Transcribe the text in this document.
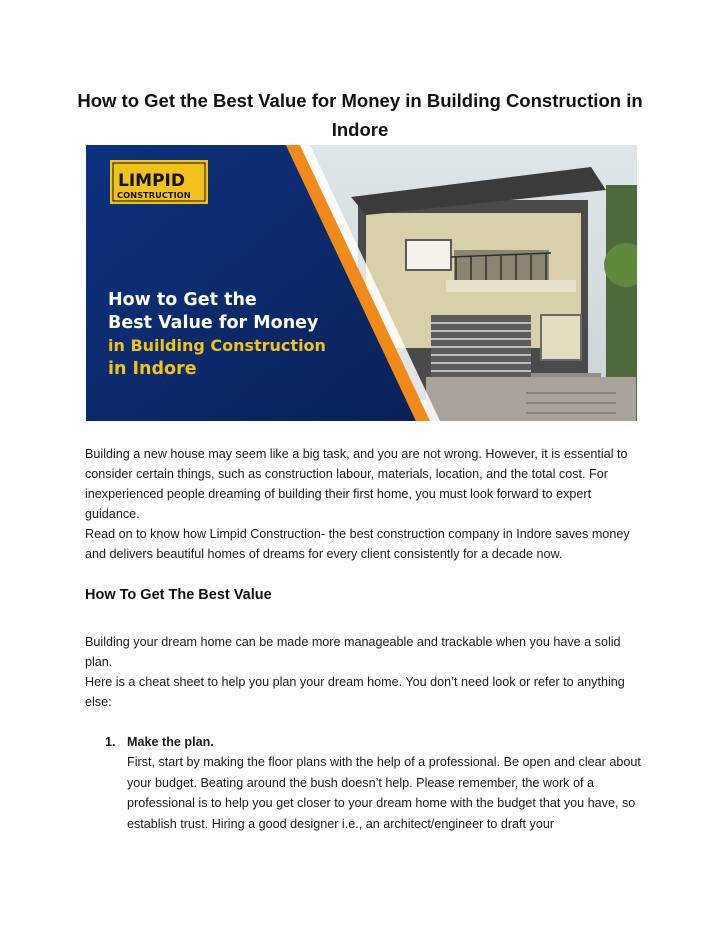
How to Get the Best Value for Money in Building Construction in Indore
LIMPID
CONSTRUCTION
How to Get the
Best Value for Money
in Building Construction
in Indore

Building a new house may seem like a big task, and you are not wrong. However, it is essential to consider certain things, such as construction labour, materials, location, and the total cost. For inexperienced people dreaming of building their first home, you must look forward to expert guidance.

Read on to know how Limpid Construction- the best construction company in Indore saves money and delivers beautiful homes of dreams for every client consistently for a decade now.

How To Get The Best Value

Building your dream home can be made more manageable and trackable when you have a solid plan.

Here is a cheat sheet to help you plan your dream home. You don’t need look or refer to anything else:

1. Make the plan.

First, start by making the floor plans with the help of a professional. Be open and clear about your budget. Beating around the bush doesn’t help. Please remember, the work of a professional is to help you get closer to your dream home with the budget that you have, so establish trust. Hiring a good designer i.e., an architect/engineer to draft your
